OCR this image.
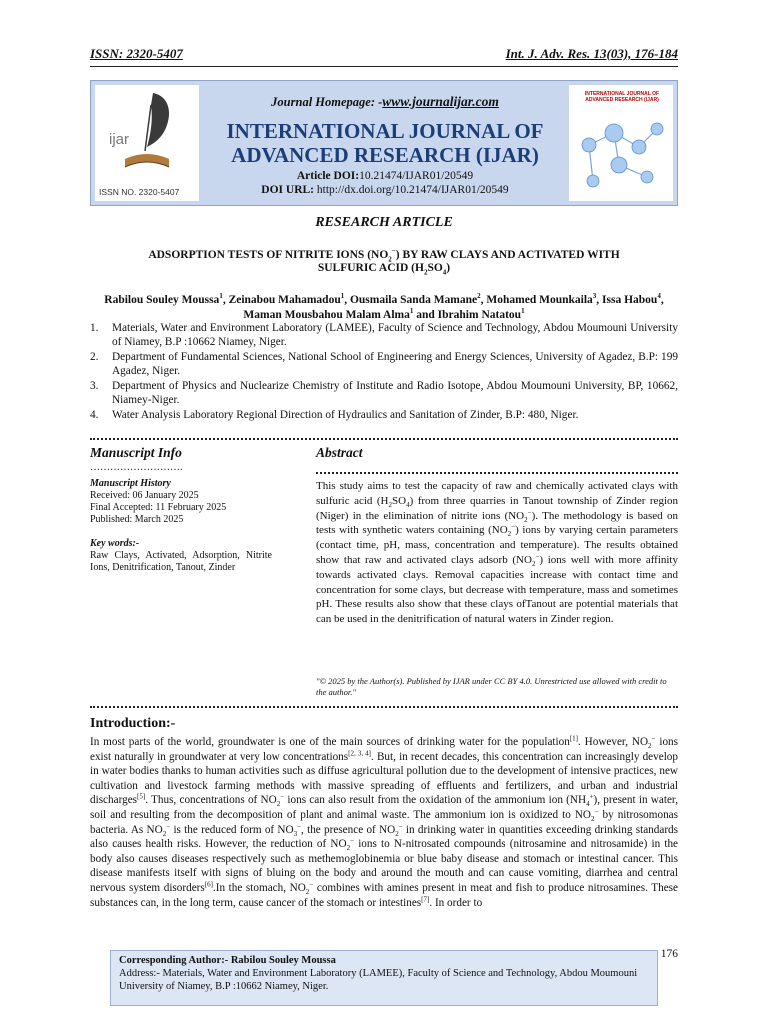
ISSN: 2320-5407	Int. J. Adv. Res. 13(03), 176-184
ijar
ISSN NO. 2320-5407
Journal Homepage: -www.journalijar.com
INTERNATIONAL JOURNAL OF
ADVANCED RESEARCH (IJAR)
Article DOI:10.21474/IJAR01/20549
DOI URL: http://dx.doi.org/10.21474/IJAR01/20549
INTERNATIONAL JOURNAL OF ADVANCED RESEARCH (IJAR)
RESEARCH ARTICLE
ADSORPTION TESTS OF NITRITE IONS $(NO_2^-)$ BY RAW CLAYS AND ACTIVATED WITH
SULFURIC ACID $(H_2SO_4)$
Rabilou Souley Moussa$^1$, Zeinabou Mahamadou$^1$, Ousmaila Sanda Mamane$^2$, Mohamed Mounkaila$^3$, Issa Habou$^4$, Maman Mousbahou Malam Alma$^1$ and Ibrahim Natatou$^1$
1. Materials, Water and Environment Laboratory (LAMEE), Faculty of Science and Technology, Abdou Moumouni University of Niamey, B.P :10662 Niamey, Niger.
2. Department of Fundamental Sciences, National School of Engineering and Energy Sciences, University of Agadez, B.P: 199 Agadez, Niger.
3. Department of Physics and Nuclearize Chemistry of Institute and Radio Isotope, Abdou Moumouni University, BP, 10662, Niamey-Niger.
4. Water Analysis Laboratory Regional Direction of Hydraulics and Sanitation of Zinder, B.P: 480, Niger.
Manuscript Info	Abstract
……………………….
Manuscript History
Received: 06 January 2025
Final Accepted: 11 February 2025
Published: March 2025
Key words:-
Raw Clays, Activated, Adsorption, Nitrite Ions, Denitrification, Tanout, Zinder
This study aims to test the capacity of raw and chemically activated clays with sulfuric acid $(H_2SO_4)$ from three quarries in Tanout township of Zinder region (Niger) in the elimination of nitrite ions $(NO_2^-)$. The methodology is based on tests with synthetic waters containing $(NO_2^-)$ ions by varying certain parameters (contact time, pH, mass, concentration and temperature). The results obtained show that raw and activated clays adsorb $(NO_2^-)$ ions well with more affinity towards activated clays. Removal capacities increase with contact time and concentration for some clays, but decrease with temperature, mass and sometimes pH. These results also show that these clays ofTanout are potential materials that can be used in the denitrification of natural waters in Zinder region.
"© 2025 by the Author(s). Published by IJAR under CC BY 4.0. Unrestricted use allowed with credit to the author."
Introduction:-
In most parts of the world, groundwater is one of the main sources of drinking water for the population[1]. However, $NO_2^-$ ions exist naturally in groundwater at very low concentrations[2, 3, 4]. But, in recent decades, this concentration can increasingly develop in water bodies thanks to human activities such as diffuse agricultural pollution due to the development of intensive practices, new cultivation and livestock farming methods with massive spreading of effluents and fertilizers, and urban and industrial discharges[5]. Thus, concentrations of $NO_2^-$ ions can also result from the oxidation of the ammonium ion $(NH_4^+)$, present in water, soil and resulting from the decomposition of plant and animal waste. The ammonium ion is oxidized to $NO_2^-$ by nitrosomonas bacteria. As $NO_2^-$ is the reduced form of $NO_3^-$, the presence of $NO_2^-$ in drinking water in quantities exceeding drinking standards also causes health risks. However, the reduction of $NO_2^-$ ions to N-nitrosated compounds (nitrosamine and nitrosamide) in the body also causes diseases respectively such as methemoglobinemia or blue baby disease and stomach or intestinal cancer. This disease manifests itself with signs of bluing on the body and around the mouth and can cause vomiting, diarrhea and central nervous system disorders[6].In the stomach, $NO_2^-$ combines with amines present in meat and fish to produce nitrosamines. These substances can, in the long term, cause cancer of the stomach or intestines[7]. In order to
Corresponding Author:- Rabilou Souley Moussa
Address:- Materials, Water and Environment Laboratory (LAMEE), Faculty of Science and Technology, Abdou Moumouni University of Niamey, B.P :10662 Niamey, Niger.
176
